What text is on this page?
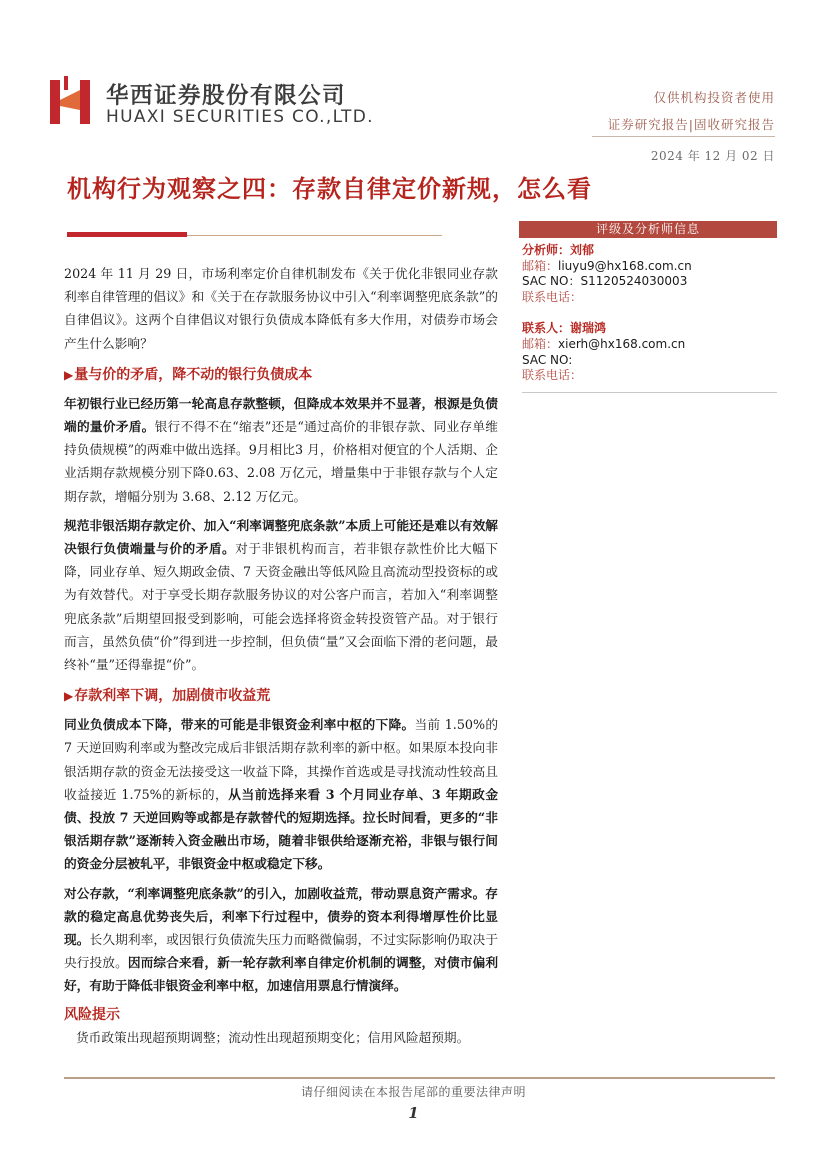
华西证券股份有限公司
HUAXI SECURITIES CO.,LTD.
仅供机构投资者使用
证券研究报告|固收研究报告
2024 年 12 月 02 日
机构行为观察之四：存款自律定价新规，怎么看

2024 年 11 月 29 日，市场利率定价自律机制发布《关于优化非银同业存款利率自律管理的倡议》和《关于在存款服务协议中引入“利率调整兜底条款”的自律倡议》。这两个自律倡议对银行负债成本降低有多大作用，对债券市场会产生什么影响？

▶量与价的矛盾，降不动的银行负债成本

年初银行业已经历第一轮高息存款整顿，但降成本效果并不显著，根源是负债端的量价矛盾。银行不得不在“缩表”还是“通过高价的非银存款、同业存单维持负债规模”的两难中做出选择。9月相比3 月，价格相对便宜的个人活期、企业活期存款规模分别下降0.63、2.08 万亿元，增量集中于非银存款与个人定期存款，增幅分别为 3.68、2.12 万亿元。

规范非银活期存款定价、加入“利率调整兜底条款”本质上可能还是难以有效解决银行负债端量与价的矛盾。对于非银机构而言，若非银存款性价比大幅下降，同业存单、短久期政金债、7 天资金融出等低风险且高流动型投资标的或为有效替代。对于享受长期存款服务协议的对公客户而言，若加入“利率调整兜底条款”后期望回报受到影响，可能会选择将资金转投资管产品。对于银行而言，虽然负债“价”得到进一步控制，但负债“量”又会面临下滑的老问题，最终补“量”还得靠提“价”。

▶存款利率下调，加剧债市收益荒

同业负债成本下降，带来的可能是非银资金利率中枢的下降。当前 1.50%的 7 天逆回购利率或为整改完成后非银活期存款利率的新中枢。如果原本投向非银活期存款的资金无法接受这一收益下降，其操作首选或是寻找流动性较高且收益接近 1.75%的新标的，从当前选择来看 3 个月同业存单、3 年期政金债、投放 7 天逆回购等或都是存款替代的短期选择。拉长时间看，更多的“非银活期存款”逐渐转入资金融出市场，随着非银供给逐渐充裕，非银与银行间的资金分层被轧平，非银资金中枢或稳定下移。

对公存款，“利率调整兜底条款”的引入，加剧收益荒，带动票息资产需求。存款的稳定高息优势丧失后，利率下行过程中，债券的资本利得增厚性价比显现。长久期利率，或因银行负债流失压力而略微偏弱，不过实际影响仍取决于央行投放。因而综合来看，新一轮存款利率自律定价机制的调整，对债市偏利好，有助于降低非银资金利率中枢，加速信用票息行情演绎。

风险提示

货币政策出现超预期调整；流动性出现超预期变化；信用风险超预期。

评级及分析师信息
分析师：刘郁
邮箱：liuyu9@hx168.com.cn
SAC NO：S1120524030003
联系电话：
联系人：谢瑞鸿
邮箱：xierh@hx168.com.cn
SAC NO:
联系电话：
请仔细阅读在本报告尾部的重要法律声明
1
